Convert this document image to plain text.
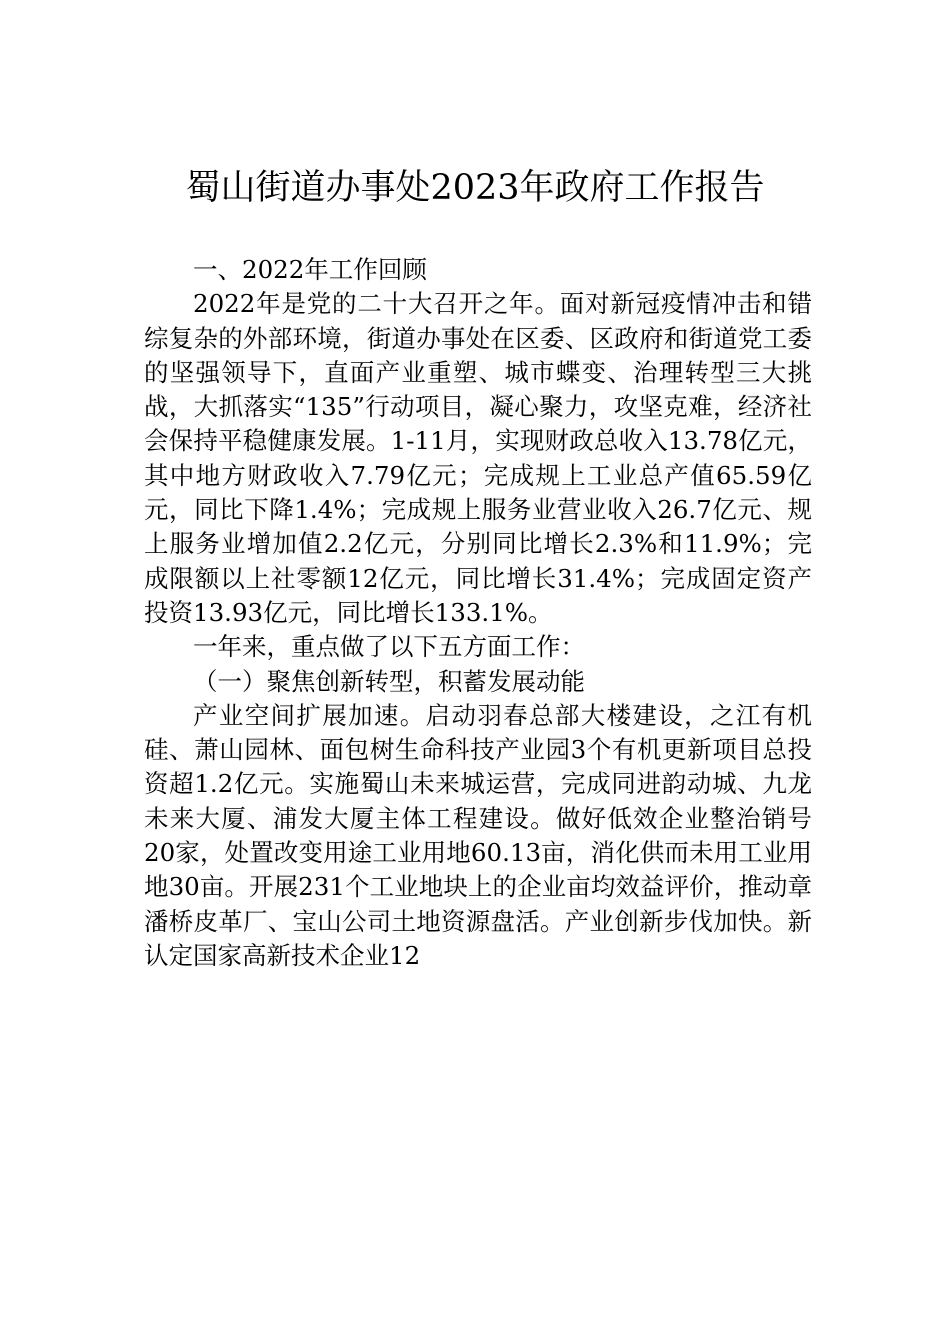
蜀山街道办事处2023年政府工作报告

一、2022年工作回顾

2022年是党的二十大召开之年。面对新冠疫情冲击和错综复杂的外部环境，街道办事处在区委、区政府和街道党工委的坚强领导下，直面产业重塑、城市蝶变、治理转型三大挑战，大抓落实“135”行动项目，凝心聚力，攻坚克难，经济社会保持平稳健康发展。1-11月，实现财政总收入13.78亿元，其中地方财政收入7.79亿元；完成规上工业总产值65.59亿元，同比下降1.4%；完成规上服务业营业收入26.7亿元、规上服务业增加值2.2亿元，分别同比增长2.3%和11.9%；完成限额以上社零额12亿元，同比增长31.4%；完成固定资产投资13.93亿元，同比增长133.1%。

一年来，重点做了以下五方面工作：

（一）聚焦创新转型，积蓄发展动能

产业空间扩展加速。启动羽春总部大楼建设，之江有机硅、萧山园林、面包树生命科技产业园3个有机更新项目总投资超1.2亿元。实施蜀山未来城运营，完成同进韵动城、九龙未来大厦、浦发大厦主体工程建设。做好低效企业整治销号20家，处置改变用途工业用地60.13亩，消化供而未用工业用地30亩。开展231个工业地块上的企业亩均效益评价，推动章潘桥皮革厂、宝山公司土地资源盘活。产业创新步伐加快。新认定国家高新技术企业12
